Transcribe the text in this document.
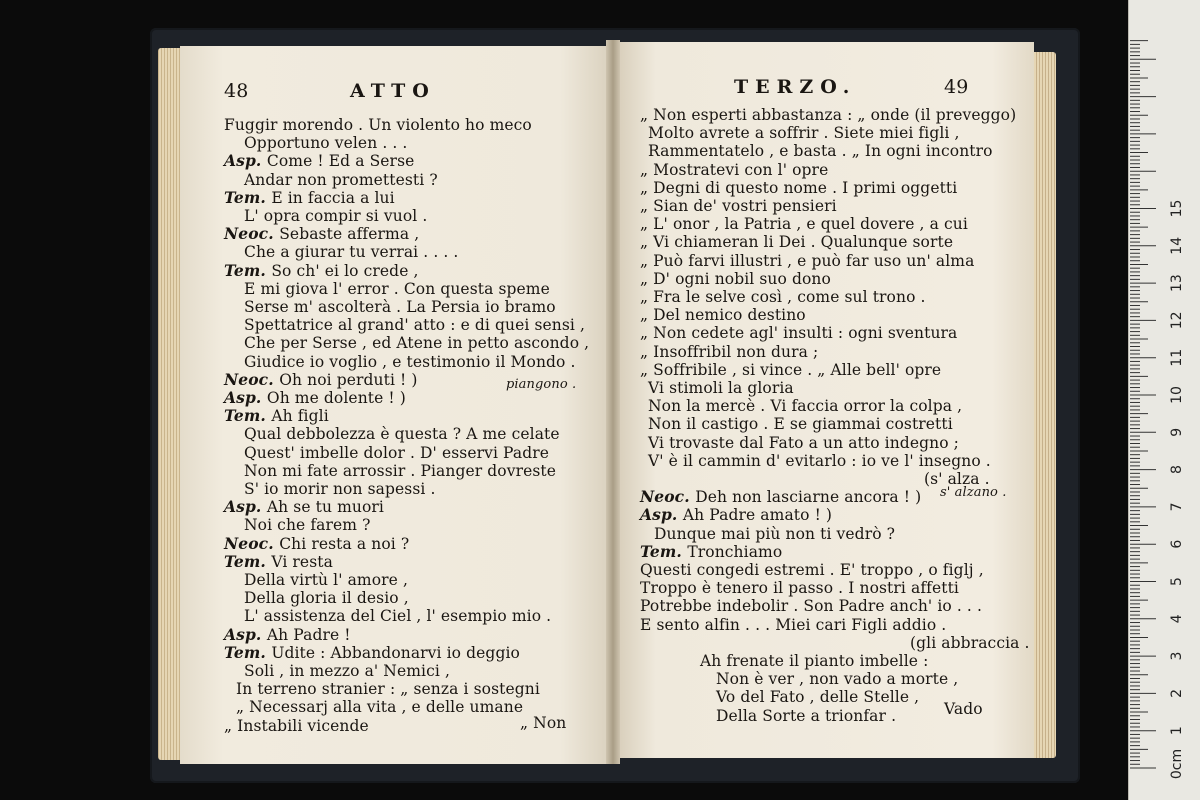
48	ATTO
Fuggir morendo . Un violento ho meco
Opportuno velen . . .
Asp. Come ! Ed a Serse
Andar non promettesti ?
Tem. E in faccia a lui
L' opra compir si vuol .
Neoc. Sebaste afferma ,
Che a giurar tu verrai . . . .
Tem. So ch' ei lo crede ,
E mi giova l' error . Con questa speme
Serse m' ascolterà . La Persia io bramo
Spettatrice al grand' atto : e di quei sensi ,
Che per Serse , ed Atene in petto ascondo ,
Giudice io voglio , e testimonio il Mondo .
Neoc. Oh noi perduti ! )
Asp. Oh me dolente ! )
Tem. Ah figli
Qual debbolezza è questa ? A me celate
Quest' imbelle dolor . D' esservi Padre
Non mi fate arrossir . Pianger dovreste
S' io morir non sapessi .
Asp. Ah se tu muori
Noi che farem ?
Neoc. Chi resta a noi ?
Tem. Vi resta
Della virtù l' amore ,
Della gloria il desio ,
L' assistenza del Ciel , l' esempio mio .
Asp. Ah Padre !
Tem. Udite : Abbandonarvi io deggio
Soli , in mezzo a' Nemici ,
In terreno stranier : „ senza i sostegni
„ Necessarj alla vita , e delle umane
„ Instabili vicende
piangono .
„ Non
49
TERZO.
„ Non esperti abbastanza : „ onde (il preveggo)
Molto avrete a soffrir . Siete miei figli ,
Rammentatelo , e basta . „ In ogni incontro
„ Mostratevi con l' opre
„ Degni di questo nome . I primi oggetti
„ Sian de' vostri pensieri
„ L' onor , la Patria , e quel dovere , a cui
„ Vi chiameran li Dei . Qualunque sorte
„ Può farvi illustri , e può far uso un' alma
„ D' ogni nobil suo dono
„ Fra le selve così , come sul trono .
„ Del nemico destino
„ Non cedete agl' insulti : ogni sventura
„ Insoffribil non dura ;
„ Soffribile , si vince . „ Alle bell' opre
Vi stimoli la gloria
Non la mercè . Vi faccia orror la colpa ,
Non il castigo . E se giammai costretti
Vi trovaste dal Fato a un atto indegno ;
V' è il cammin d' evitarlo : io ve l' insegno .
(s' alza .
Neoc. Deh non lasciarne ancora ! )
Asp. Ah Padre amato ! )
Dunque mai più non ti vedrò ?
Tem. Tronchiamo
Questi congedi estremi . E' troppo , o figlj ,
Troppo è tenero il passo . I nostri affetti
Potrebbe indebolir . Son Padre anch' io . . .
E sento alfin . . . Miei cari Figli addio .
(gli abbraccia .
Ah frenate il pianto imbelle :
Non è ver , non vado a morte ,
Vo del Fato , delle Stelle ,
Della Sorte a trionfar .
s' alzano .
Vado
0cm
1
2
3
4
5
6
7
8
9
10
11
12
13
14
15
